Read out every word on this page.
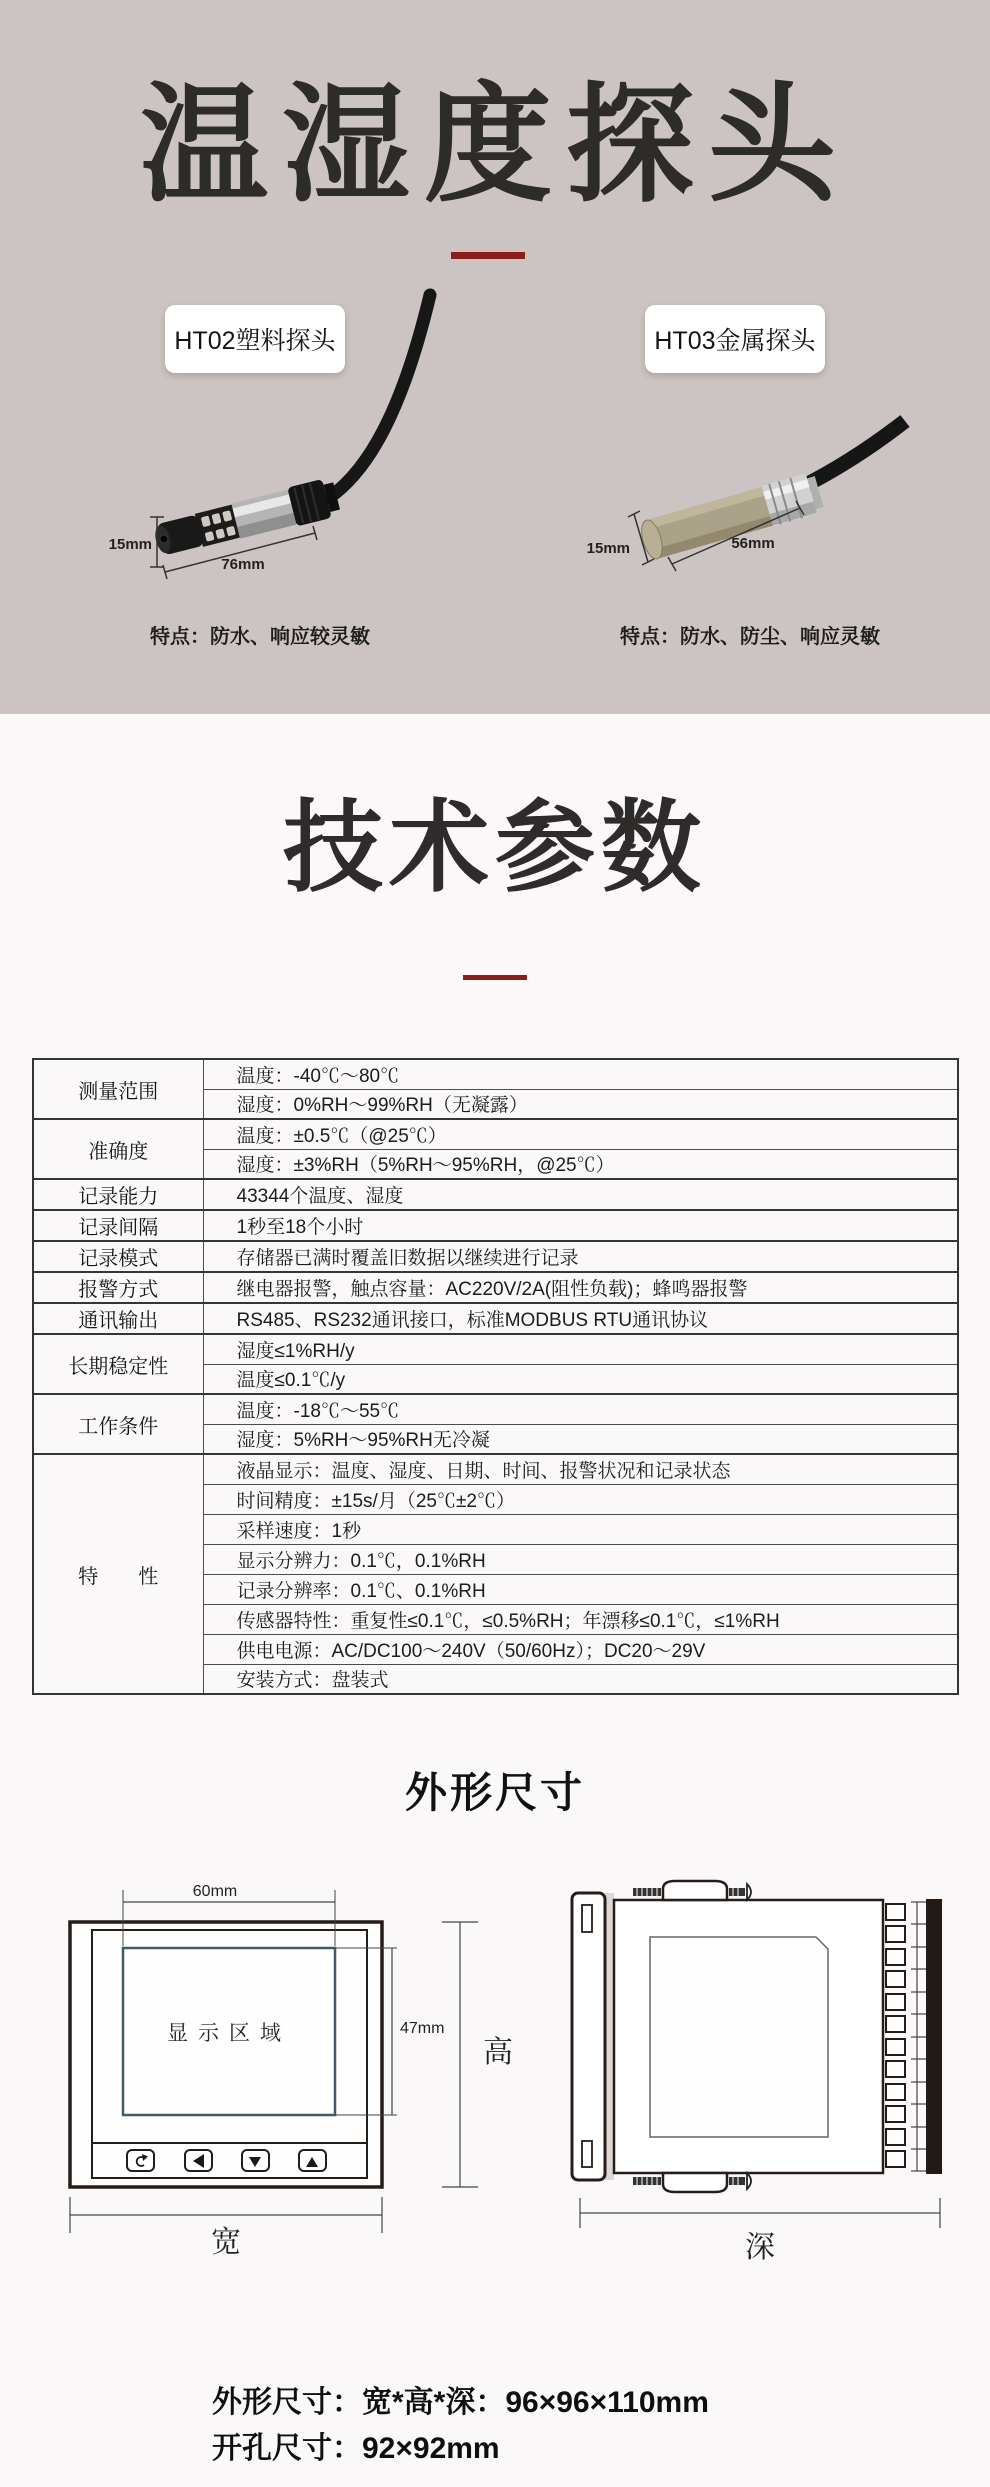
温湿度探头
HT02塑料探头	HT03金属探头
15mm
76mm
15mm	56mm
特点：防水、响应较灵敏	特点：防水、防尘、响应灵敏
技术参数
测量范围	温度：-40℃～80℃
	湿度：0%RH～99%RH（无凝露）
准确度	温度：±0.5℃（@25℃）
	湿度：±3%RH（5%RH～95%RH，@25℃）
记录能力	43344个温度、湿度
记录间隔	1秒至18个小时
记录模式	存储器已满时覆盖旧数据以继续进行记录
报警方式	继电器报警，触点容量：AC220V/2A(阻性负载)；蜂鸣器报警
通讯输出	RS485、RS232通讯接口，标准MODBUS RTU通讯协议
长期稳定性	湿度≤1%RH/y
	温度≤0.1℃/y
工作条件	温度：-18℃～55℃
	湿度：5%RH～95%RH无冷凝
特　　性	液晶显示：温度、湿度、日期、时间、报警状况和记录状态
	时间精度：±15s/月（25℃±2℃）
	采样速度：1秒
	显示分辨力：0.1℃，0.1%RH
	记录分辨率：0.1℃、0.1%RH
	传感器特性：重复性≤0.1℃，≤0.5%RH；年漂移≤0.1℃，≤1%RH
	供电电源：AC/DC100～240V（50/60Hz）；DC20～29V
	安装方式：盘装式
外形尺寸
显示区域
60mm
47mm
高
宽	深
外形尺寸：宽*高*深：96×96×110mm
开孔尺寸：92×92mm
